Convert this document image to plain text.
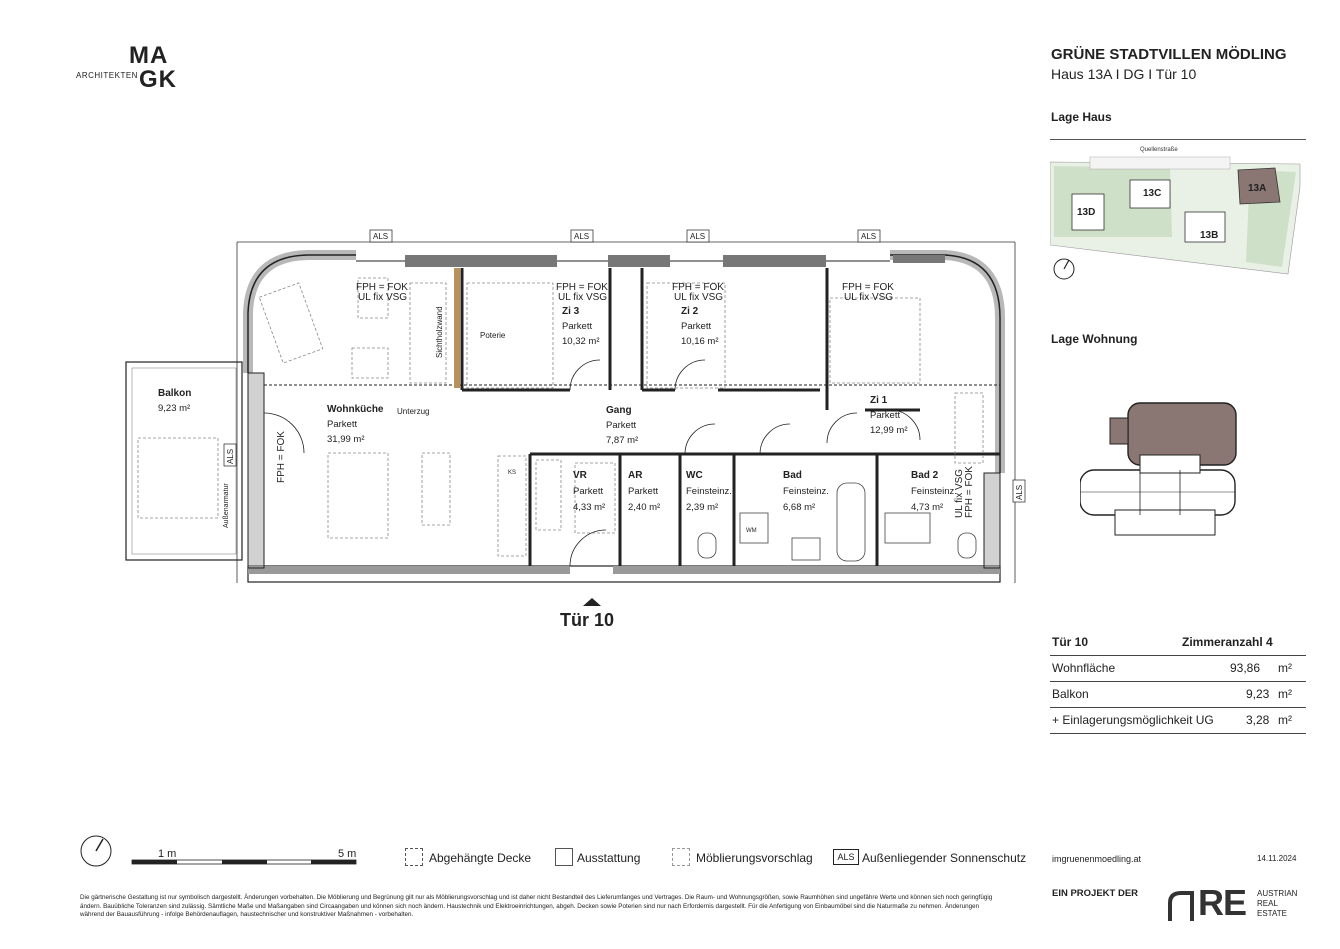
MA
ARCHITEKTEN GK
GRÜNE STADTVILLEN MÖDLING
Haus 13A I DG I Tür 10
Lage Haus
Quellenstraße
13D
13C
13B
13A
Lage Wohnung
Tür 10	Zimmeranzahl 4
Wohnfläche	93,86 m²
Balkon	9,23 m²
+ Einlagerungsmöglichkeit UG	3,28 m²
ALS	ALS	ALS	ALS
FPH = FOK
UL fix VSG
FPH = FOK
UL fix VSG
FPH = FOK
UL fix VSG
FPH = FOK
UL fix VSG
Sichtholzwand
Außenarmatur
FPH = FOK
FPH = FOK
UL fix VSG
ALS
ALS
Poterie
Unterzug
KS
WM
Balkon
9,23 m²	Wohnküche
Parkett
31,99 m²
Zi 3
Parkett
10,32 m²
Zi 2
Parkett
10,16 m²
Gang
Parkett
7,87 m²
Zi 1
Parkett
12,99 m²
VR
Parkett
4,33 m²
AR
Parkett
2,40 m²
WC
Feinsteinz.
2,39 m²
Bad
Feinsteinz.
6,68 m²
Bad 2
Feinsteinz.
4,73 m²
Tür 10
1 m	5 m	Abgehängte Decke	Ausstattung	Möblierungsvorschlag	ALS Außenliegender Sonnenschutz	imgruenenmoedling.at	14.11.2024
Die gärtnerische Gestaltung ist nur symbolisch dargestellt. Änderungen vorbehalten. Die Möblierung und Begrünung gilt nur als Möblierungsvorschlag und ist daher nicht Bestandteil des Lieferumfanges und Vertrages. Die Raum- und Wohnungsgrößen, sowie Raumhöhen sind ungefähre Werte und können sich noch geringfügig ändern. Bauübliche Toleranzen sind zulässig. Sämtliche Maße und Maßangaben sind Circaangaben und können sich noch ändern. Haustechnik und Elektroeinrichtungen, abgeh. Decken sowie Poterien sind nur nach Erfordernis dargestellt. Für die Anfertigung von Einbaumöbel sind die Naturmaße zu nehmen. Änderungen während der Bauausführung - infolge Behördenauflagen, haustechnischer und konstruktiver Maßnahmen - vorbehalten.
EIN PROJEKT DER RE AUSTRIAN
REAL
ESTATE
